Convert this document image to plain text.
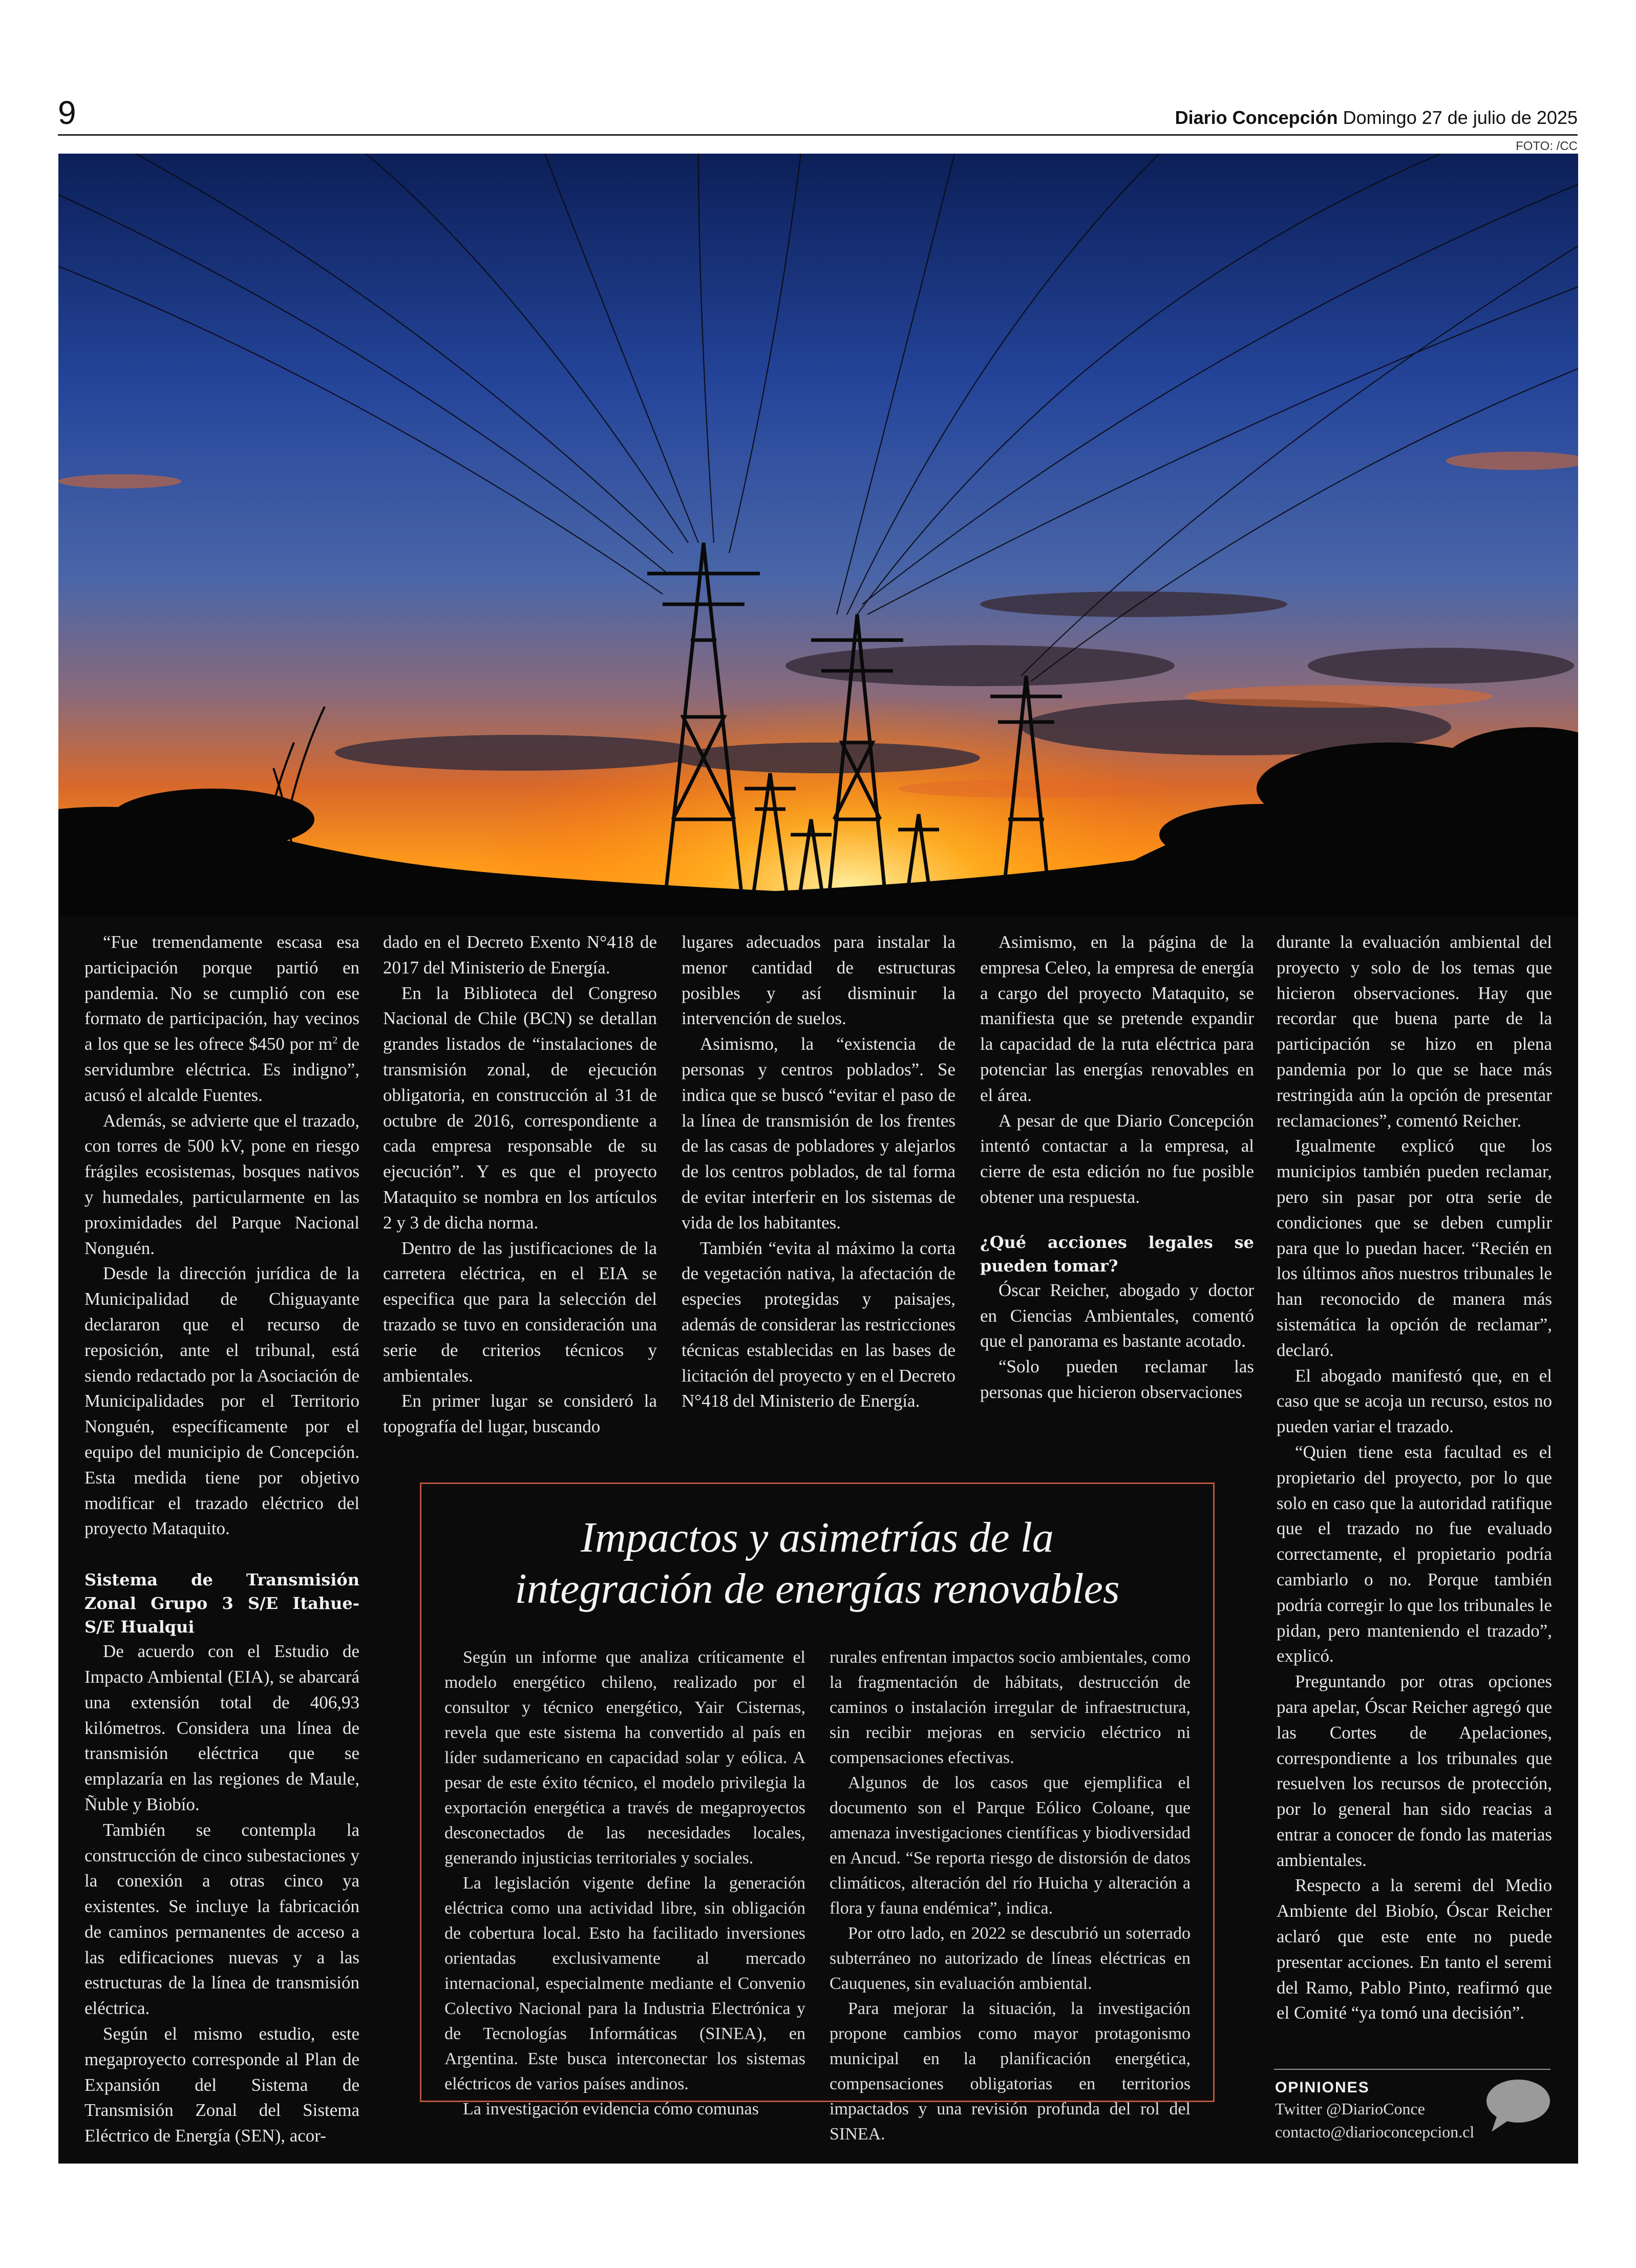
9	Diario Concepción Domingo 27 de julio de 2025
FOTO: /CC

“Fue tremendamente escasa esa participación porque partió en pandemia. No se cumplió con ese formato de participación, hay vecinos a los que se les ofrece $450 por $m^2$ de servidumbre eléctrica. Es indigno”, acusó el alcalde Fuentes.

Además, se advierte que el trazado, con torres de 500 kV, pone en riesgo frágiles ecosistemas, bosques nativos y humedales, particularmente en las proximidades del Parque Nacional Nonguén.

Desde la dirección jurídica de la Municipalidad de Chiguayante declararon que el recurso de reposición, ante el tribunal, está siendo redactado por la Asociación de Municipalidades por el Territorio Nonguén, específicamente por el equipo del municipio de Concepción. Esta medida tiene por objetivo modificar el trazado eléctrico del proyecto Mataquito.

Sistema de Transmisión Zonal Grupo 3 S/E Itahue- S/E Hualqui

De acuerdo con el Estudio de Impacto Ambiental (EIA), se abarcará una extensión total de 406,93 kilómetros. Considera una línea de transmisión eléctrica que se emplazaría en las regiones de Maule, Ñuble y Biobío.

También se contempla la construcción de cinco subestaciones y la conexión a otras cinco ya existentes. Se incluye la fabricación de caminos permanentes de acceso a las edificaciones nuevas y a las estructuras de la línea de transmisión eléctrica.

Según el mismo estudio, este megaproyecto corresponde al Plan de Expansión del Sistema de Transmisión Zonal del Sistema Eléctrico de Energía (SEN), acor-

dado en el Decreto Exento N°418 de 2017 del Ministerio de Energía.

En la Biblioteca del Congreso Nacional de Chile (BCN) se detallan grandes listados de “instalaciones de transmisión zonal, de ejecución obligatoria, en construcción al 31 de octubre de 2016, correspondiente a cada empresa responsable de su ejecución”. Y es que el proyecto Mataquito se nombra en los artículos 2 y 3 de dicha norma.

Dentro de las justificaciones de la carretera eléctrica, en el EIA se especifica que para la selección del trazado se tuvo en consideración una serie de criterios técnicos y ambientales.

En primer lugar se consideró la topografía del lugar, buscando

lugares adecuados para instalar la menor cantidad de estructuras posibles y así disminuir la intervención de suelos.

Asimismo, la “existencia de personas y centros poblados”. Se indica que se buscó “evitar el paso de la línea de transmisión de los frentes de las casas de pobladores y alejarlos de los centros poblados, de tal forma de evitar interferir en los sistemas de vida de los habitantes.

También “evita al máximo la corta de vegetación nativa, la afectación de especies protegidas y paisajes, además de considerar las restricciones técnicas establecidas en las bases de licitación del proyecto y en el Decreto N°418 del Ministerio de Energía.

Asimismo, en la página de la empresa Celeo, la empresa de energía a cargo del proyecto Mataquito, se manifiesta que se pretende expandir la capacidad de la ruta eléctrica para potenciar las energías renovables en el área.

A pesar de que Diario Concepción intentó contactar a la empresa, al cierre de esta edición no fue posible obtener una respuesta.

¿Qué acciones legales se pueden tomar?

Óscar Reicher, abogado y doctor en Ciencias Ambientales, comentó que el panorama es bastante acotado.

“Solo pueden reclamar las personas que hicieron observaciones

durante la evaluación ambiental del proyecto y solo de los temas que hicieron observaciones. Hay que recordar que buena parte de la participación se hizo en plena pandemia por lo que se hace más restringida aún la opción de presentar reclamaciones”, comentó Reicher.

Igualmente explicó que los municipios también pueden reclamar, pero sin pasar por otra serie de condiciones que se deben cumplir para que lo puedan hacer. “Recién en los últimos años nuestros tribunales le han reconocido de manera más sistemática la opción de reclamar”, declaró.

El abogado manifestó que, en el caso que se acoja un recurso, estos no pueden variar el trazado.

“Quien tiene esta facultad es el propietario del proyecto, por lo que solo en caso que la autoridad ratifique que el trazado no fue evaluado correctamente, el propietario podría cambiarlo o no. Porque también podría corregir lo que los tribunales le pidan, pero manteniendo el trazado”, explicó.

Preguntando por otras opciones para apelar, Óscar Reicher agregó que las Cortes de Apelaciones, correspondiente a los tribunales que resuelven los recursos de protección, por lo general han sido reacias a entrar a conocer de fondo las materias ambientales.

Respecto a la seremi del Medio Ambiente del Biobío, Óscar Reicher aclaró que este ente no puede presentar acciones. En tanto el seremi del Ramo, Pablo Pinto, reafirmó que el Comité “ya tomó una decisión”.

Impactos y asimetrías de la
integración de energías renovables

Según un informe que analiza críticamente el modelo energético chileno, realizado por el consultor y técnico energético, Yair Cisternas, revela que este sistema ha convertido al país en líder sudamericano en capacidad solar y eólica. A pesar de este éxito técnico, el modelo privilegia la exportación energética a través de megaproyectos desconectados de las necesidades locales, generando injusticias territoriales y sociales.

La legislación vigente define la generación eléctrica como una actividad libre, sin obligación de cobertura local. Esto ha facilitado inversiones orientadas exclusivamente al mercado internacional, especialmente mediante el Convenio Colectivo Nacional para la Industria Electrónica y de Tecnologías Informáticas (SINEA), en Argentina. Este busca interconectar los sistemas eléctricos de varios países andinos.

La investigación evidencia cómo comunas

rurales enfrentan impactos socio ambientales, como la fragmentación de hábitats, destrucción de caminos o instalación irregular de infraestructura, sin recibir mejoras en servicio eléctrico ni compensaciones efectivas.

Algunos de los casos que ejemplifica el documento son el Parque Eólico Coloane, que amenaza investigaciones científicas y biodiversidad en Ancud. “Se reporta riesgo de distorsión de datos climáticos, alteración del río Huicha y alteración a flora y fauna endémica”, indica.

Por otro lado, en 2022 se descubrió un soterrado subterráneo no autorizado de líneas eléctricas en Cauquenes, sin evaluación ambiental.

Para mejorar la situación, la investigación propone cambios como mayor protagonismo municipal en la planificación energética, compensaciones obligatorias en territorios impactados y una revisión profunda del rol del SINEA.

OPINIONES
Twitter @DiarioConce
contacto@diarioconcepcion.cl
